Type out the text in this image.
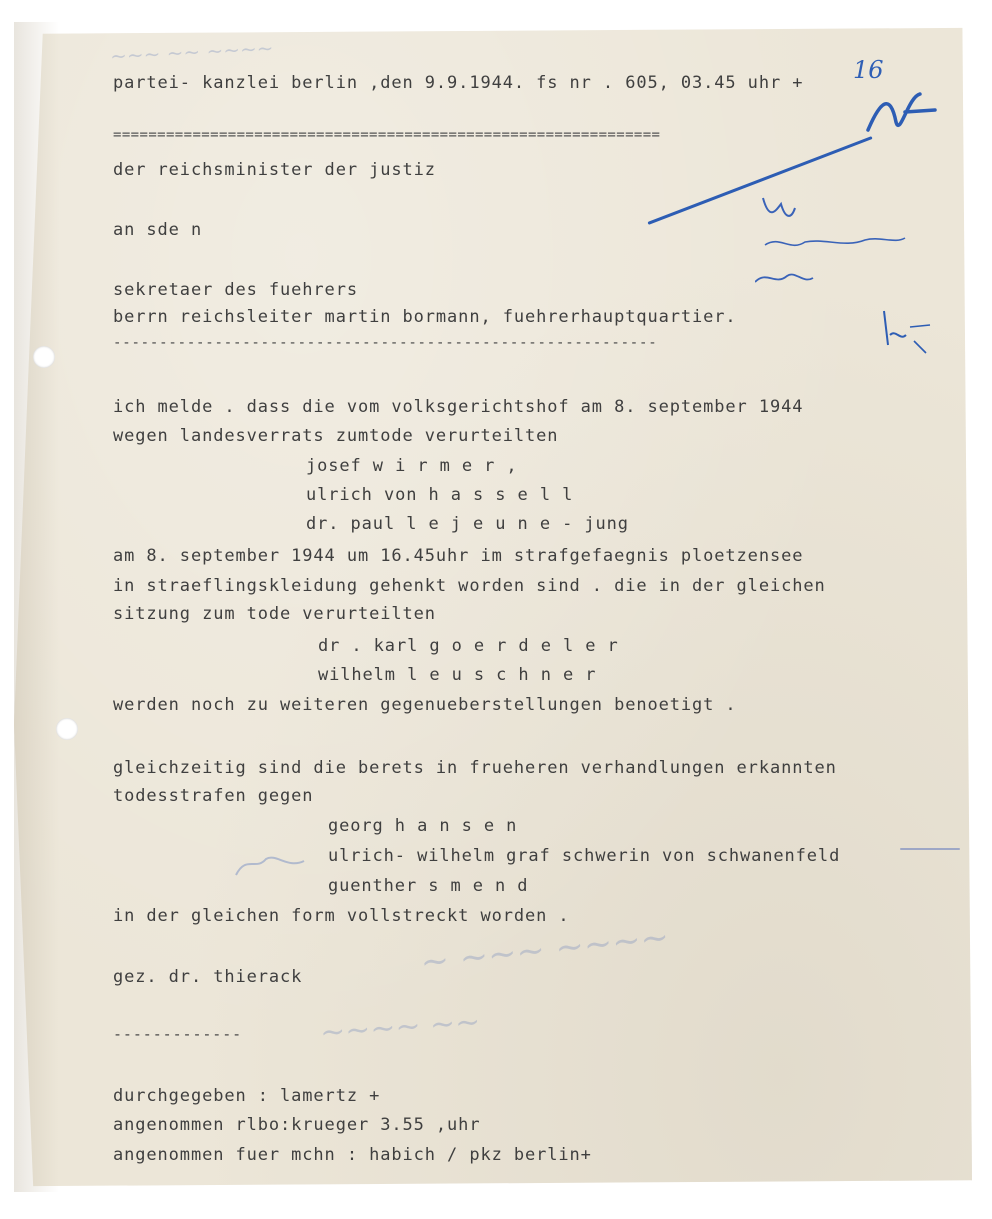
~~~ ~~ ~~~~
~ ~~~ ~~~~
~~~~ ~~
partei- kanzlei berlin ,den 9.9.1944. fs nr . 605, 03.45 uhr + 16
==============================================================
der reichsminister der justiz
an sde n
sekretaer des fuehrers
berrn reichsleiter martin bormann, fuehrerhauptquartier.
-----------------------------------------------------------
ich melde . dass die vom volksgerichtshof am 8. september 1944
wegen landesverrats zumtode verurteilten
josef w i r m e r ,
ulrich von h a s s e l l
dr. paul l e j e u n e - jung
am 8. september 1944 um 16.45uhr im strafgefaegnis ploetzensee
in straeflingskleidung gehenkt worden sind . die in der gleichen
sitzung zum tode verurteilten
dr . karl g o e r d e l e r
wilhelm l e u s c h n e r
werden noch zu weiteren gegenueberstellungen benoetigt .
gleichzeitig sind die berets in frueheren verhandlungen erkannten
todesstrafen gegen
georg h a n s e n
ulrich- wilhelm graf schwerin von schwanenfeld
guenther s m e n d
in der gleichen form vollstreckt worden .
gez. dr. thierack
-------------
durchgegeben : lamertz +
angenommen rlbo:krueger 3.55 ,uhr
angenommen fuer mchn : habich / pkz berlin+
